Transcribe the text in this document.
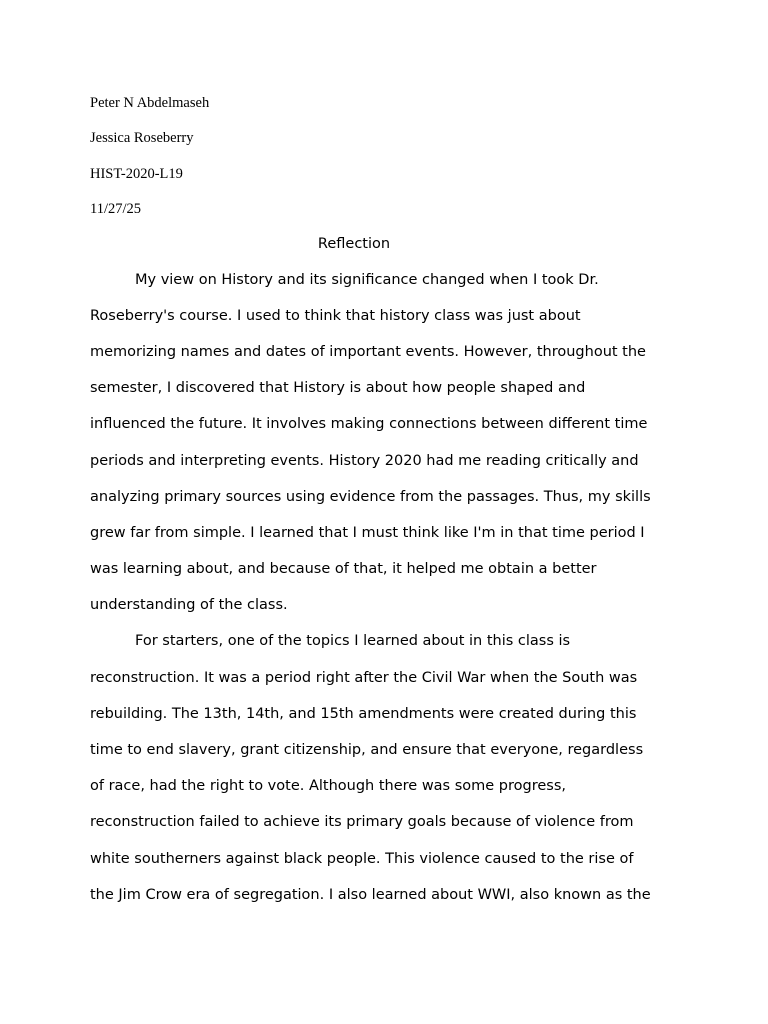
Peter N Abdelmaseh
Jessica Roseberry
HIST-2020-L19
11/27/25
Reflection
My view on History and its significance changed when I took Dr.
Roseberry's course. I used to think that history class was just about
memorizing names and dates of important events. However, throughout the
semester, I discovered that History is about how people shaped and
influenced the future. It involves making connections between different time
periods and interpreting events. History 2020 had me reading critically and
analyzing primary sources using evidence from the passages. Thus, my skills
grew far from simple. I learned that I must think like I'm in that time period I
was learning about, and because of that, it helped me obtain a better
understanding of the class.
For starters, one of the topics I learned about in this class is
reconstruction. It was a period right after the Civil War when the South was
rebuilding. The 13th, 14th, and 15th amendments were created during this
time to end slavery, grant citizenship, and ensure that everyone, regardless
of race, had the right to vote. Although there was some progress,
reconstruction failed to achieve its primary goals because of violence from
white southerners against black people. This violence caused to the rise of
the Jim Crow era of segregation. I also learned about WWI, also known as the
